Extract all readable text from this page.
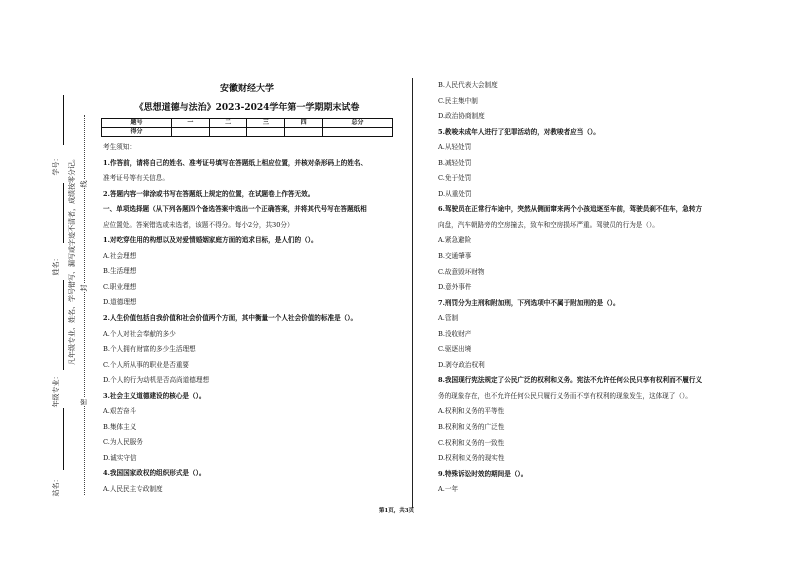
安徽财经大学
《思想道德与法治》2023-2024学年第一学期期末试卷
题号	一	二	三	四	总分
得分					
考生须知：
1.作答前，请将自己的姓名、准考证号填写在答题纸上相应位置，并核对条形码上的姓名、
准考证号等有关信息。
2.答题内容一律涂或书写在答题纸上规定的位置，在试题卷上作答无效。
一、单项选择题（从下列各题四个备选答案中选出一个正确答案，并将其代号写在答题纸相
应位置处。答案错选或未选者，该题不得分。每小2分，共30分）
1.对吃穿住用的构想以及对爱情婚姻家庭方面的追求目标，是人们的（）。
A.社会理想
B.生活理想
C.职业理想
D.道德理想
2.人生价值包括自我价值和社会价值两个方面，其中衡量一个人社会价值的标准是（）。
A.个人对社会奉献的多少
B.个人拥有财富的多少生活理想
C.个人所从事的职业是否重要
D.个人的行为动机是否高尚道德理想
3.社会主义道德建设的核心是（）。
A.艰苦奋斗
B.集体主义
C.为人民服务
D.诚实守信
4.我国国家政权的组织形式是（）。
A.人民民主专政制度
B.人民代表大会制度
C.民主集中制
D.政治协商制度
5.教唆未成年人进行了犯罪活动的，对教唆者应当（）。
A.从轻处罚
B.减轻处罚
C.免于处罚
D.从重处罚
6.驾驶员在正常行车途中，突然从侧面窜来两个小孩追逐至车前，驾驶员刹不住车，急转方
向盘，汽车朝路旁的空房撞去，致车和空房损坏严重。驾驶员的行为是（）。
A.紧急避险
B.交通肇事
C.故意毁坏财物
D.意外事件
7.刑罚分为主刑和附加刑，下列选项中不属于附加刑的是（）。
A.管制
B.没收财产
C.驱逐出境
D.剥夺政治权利
8.我国现行宪法规定了公民广泛的权利和义务。宪法不允许任何公民只享有权利而不履行义
务的现象存在，也不允许任何公民只履行义务而不享有权利的现象发生，这体现了（）。
A.权利和义务的平等性
B.权利和义务的广泛性
C.权利和义务的一致性
D.权利和义务的现实性
9.特殊诉讼时效的期间是（）。
A.一年
学号：
姓名：
年级专业：
站名：
凡年级专业、姓名、学号错写、漏写或字迹不清者，成绩按零分记。
密
封
线
第1页，共3页
